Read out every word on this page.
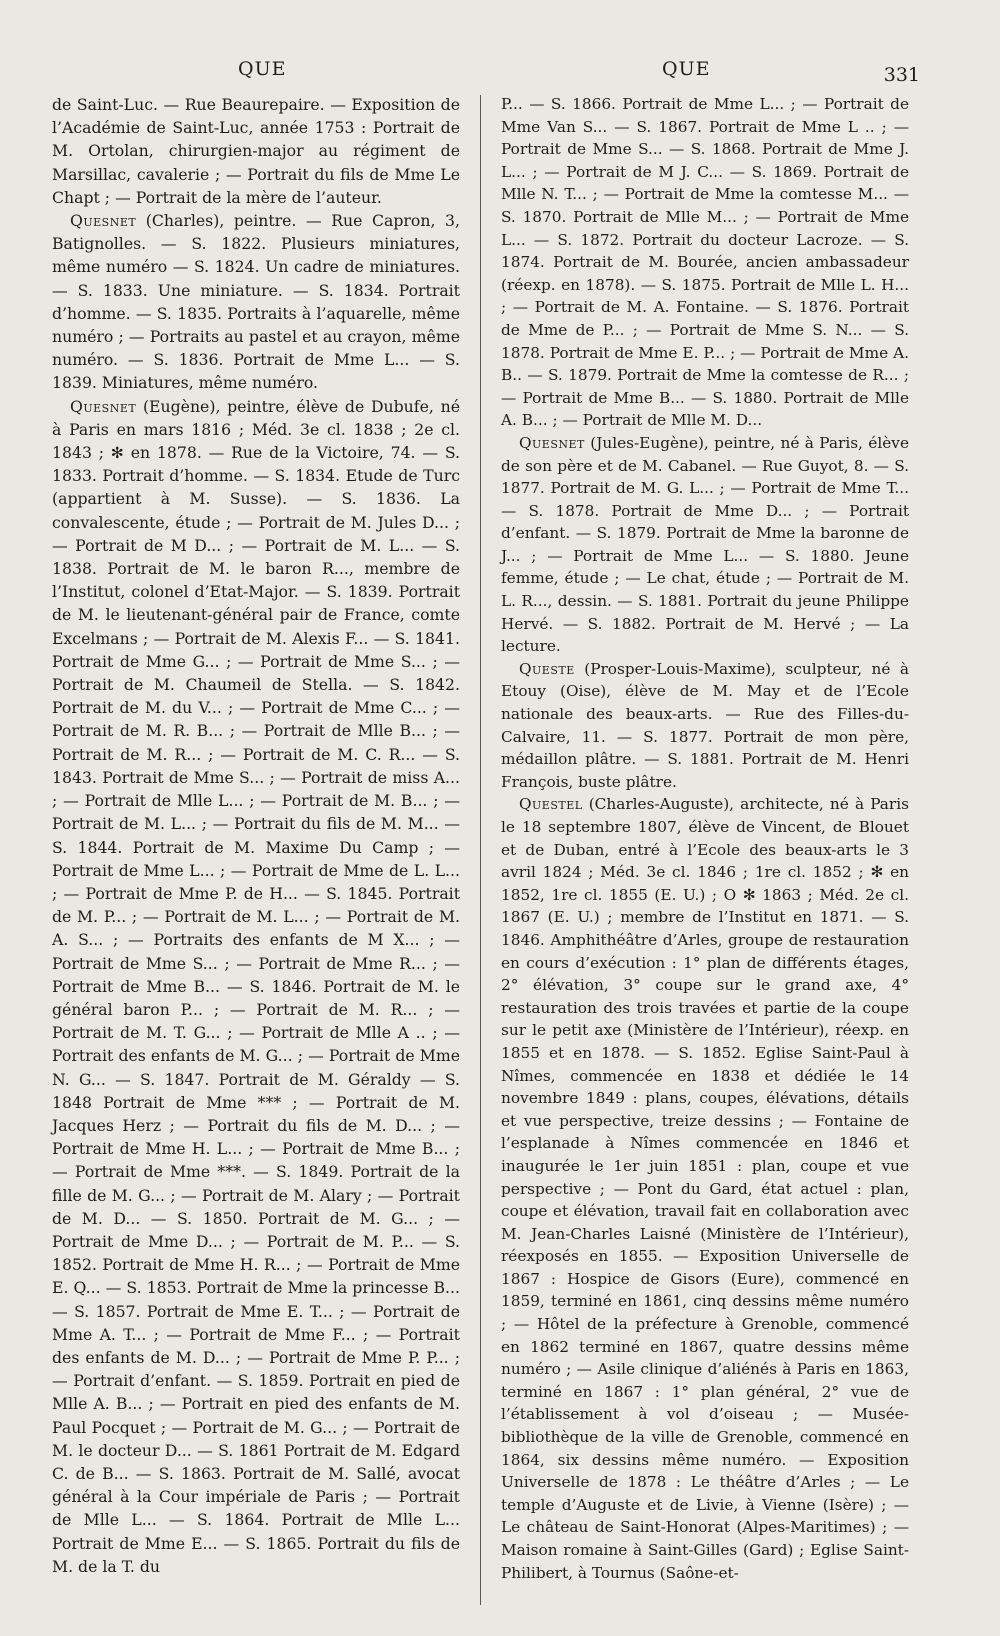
QUE	QUE	331

de Saint-Luc. — Rue Beaurepaire. — Exposition de l’Académie de Saint-Luc, année 1753 : Portrait de M. Ortolan, chirurgien-major au régiment de Marsillac, cavalerie ; — Portrait du fils de Mme Le Chapt ; — Portrait de la mère de l’auteur.

Quesnet (Charles), peintre. — Rue Capron, 3, Batignolles. — S. 1822. Plusieurs miniatures, même numéro — S. 1824. Un cadre de miniatures. — S. 1833. Une miniature. — S. 1834. Portrait d’homme. — S. 1835. Portraits à l’aquarelle, même numéro ; — Portraits au pastel et au crayon, même numéro. — S. 1836. Portrait de Mme L... — S. 1839. Miniatures, même numéro.

Quesnet (Eugène), peintre, élève de Dubufe, né à Paris en mars 1816 ; Méd. 3e cl. 1838 ; 2e cl. 1843 ; ✻ en 1878. — Rue de la Victoire, 74. — S. 1833. Portrait d’homme. — S. 1834. Etude de Turc (appartient à M. Susse). — S. 1836. La convalescente, étude ; — Portrait de M. Jules D... ; — Portrait de M D... ; — Portrait de M. L... — S. 1838. Portrait de M. le baron R..., membre de l’Institut, colonel d’Etat-Major. — S. 1839. Portrait de M. le lieutenant-général pair de France, comte Excelmans ; — Portrait de M. Alexis F... — S. 1841. Portrait de Mme G... ; — Portrait de Mme S... ; — Portrait de M. Chaumeil de Stella. — S. 1842. Portrait de M. du V... ; — Portrait de Mme C... ; — Portrait de M. R. B... ; — Portrait de Mlle B... ; — Portrait de M. R... ; — Portrait de M. C. R... — S. 1843. Portrait de Mme S... ; — Portrait de miss A... ; — Portrait de Mlle L... ; — Portrait de M. B... ; — Portrait de M. L... ; — Portrait du fils de M. M... — S. 1844. Portrait de M. Maxime Du Camp ; — Portrait de Mme L... ; — Portrait de Mme de L. L... ; — Portrait de Mme P. de H... — S. 1845. Portrait de M. P... ; — Portrait de M. L... ; — Portrait de M. A. S... ; — Portraits des enfants de M X... ; — Portrait de Mme S... ; — Portrait de Mme R... ; — Portrait de Mme B... — S. 1846. Portrait de M. le général baron P... ; — Portrait de M. R... ; — Portrait de M. T. G... ; — Portrait de Mlle A .. ; — Portrait des enfants de M. G... ; — Portrait de Mme N. G... — S. 1847. Portrait de M. Géraldy — S. 1848 Portrait de Mme *** ; — Portrait de M. Jacques Herz ; — Portrait du fils de M. D... ; — Portrait de Mme H. L... ; — Portrait de Mme B... ; — Portrait de Mme ***. — S. 1849. Portrait de la fille de M. G... ; — Portrait de M. Alary ; — Portrait de M. D... — S. 1850. Portrait de M. G... ; — Portrait de Mme D... ; — Portrait de M. P... — S. 1852. Portrait de Mme H. R... ; — Portrait de Mme E. Q... — S. 1853. Portrait de Mme la princesse B... — S. 1857. Portrait de Mme E. T... ; — Portrait de Mme A. T... ; — Portrait de Mme F... ; — Portrait des enfants de M. D... ; — Portrait de Mme P. P... ; — Portrait d’enfant. — S. 1859. Portrait en pied de Mlle A. B... ; — Portrait en pied des enfants de M. Paul Pocquet ; — Portrait de M. G... ; — Portrait de M. le docteur D... — S. 1861 Portrait de M. Edgard C. de B... — S. 1863. Portrait de M. Sallé, avocat général à la Cour impériale de Paris ; — Portrait de Mlle L... — S. 1864. Portrait de Mlle L... Portrait de Mme E... — S. 1865. Portrait du fils de M. de la T. du

P... — S. 1866. Portrait de Mme L... ; — Portrait de Mme Van S... — S. 1867. Portrait de Mme L .. ; — Portrait de Mme S... — S. 1868. Portrait de Mme J. L... ; — Portrait de M J. C... — S. 1869. Portrait de Mlle N. T... ; — Portrait de Mme la comtesse M... — S. 1870. Portrait de Mlle M... ; — Portrait de Mme L... — S. 1872. Portrait du docteur Lacroze. — S. 1874. Portrait de M. Bourée, ancien ambassadeur (réexp. en 1878). — S. 1875. Portrait de Mlle L. H... ; — Portrait de M. A. Fontaine. — S. 1876. Portrait de Mme de P... ; — Portrait de Mme S. N... — S. 1878. Portrait de Mme E. P... ; — Portrait de Mme A. B.. — S. 1879. Portrait de Mme la comtesse de R... ; — Portrait de Mme B... — S. 1880. Portrait de Mlle A. B... ; — Portrait de Mlle M. D...

Quesnet (Jules-Eugène), peintre, né à Paris, élève de son père et de M. Cabanel. — Rue Guyot, 8. — S. 1877. Portrait de M. G. L... ; — Portrait de Mme T... — S. 1878. Portrait de Mme D... ; — Portrait d’enfant. — S. 1879. Portrait de Mme la baronne de J... ; — Portrait de Mme L... — S. 1880. Jeune femme, étude ; — Le chat, étude ; — Portrait de M. L. R..., dessin. — S. 1881. Portrait du jeune Philippe Hervé. — S. 1882. Portrait de M. Hervé ; — La lecture.

Queste (Prosper-Louis-Maxime), sculpteur, né à Etouy (Oise), élève de M. May et de l’Ecole nationale des beaux-arts. — Rue des Filles-du-Calvaire, 11. — S. 1877. Portrait de mon père, médaillon plâtre. — S. 1881. Portrait de M. Henri François, buste plâtre.

Questel (Charles-Auguste), architecte, né à Paris le 18 septembre 1807, élève de Vincent, de Blouet et de Duban, entré à l’Ecole des beaux-arts le 3 avril 1824 ; Méd. 3e cl. 1846 ; 1re cl. 1852 ; ✻ en 1852, 1re cl. 1855 (E. U.) ; O ✻ 1863 ; Méd. 2e cl. 1867 (E. U.) ; membre de l’Institut en 1871. — S. 1846. Amphithéâtre d’Arles, groupe de restauration en cours d’exécution : 1° plan de différents étages, 2° élévation, 3° coupe sur le grand axe, 4° restauration des trois travées et partie de la coupe sur le petit axe (Ministère de l’Intérieur), réexp. en 1855 et en 1878. — S. 1852. Eglise Saint-Paul à Nîmes, commencée en 1838 et dédiée le 14 novembre 1849 : plans, coupes, élévations, détails et vue perspective, treize dessins ; — Fontaine de l’esplanade à Nîmes commencée en 1846 et inaugurée le 1er juin 1851 : plan, coupe et vue perspective ; — Pont du Gard, état actuel : plan, coupe et élévation, travail fait en collaboration avec M. Jean-Charles Laisné (Ministère de l’Intérieur), réexposés en 1855. — Exposition Universelle de 1867 : Hospice de Gisors (Eure), commencé en 1859, terminé en 1861, cinq dessins même numéro ; — Hôtel de la préfecture à Grenoble, commencé en 1862 terminé en 1867, quatre dessins même numéro ; — Asile clinique d’aliénés à Paris en 1863, terminé en 1867 : 1° plan général, 2° vue de l’établissement à vol d’oiseau ; — Musée-bibliothèque de la ville de Grenoble, commencé en 1864, six dessins même numéro. — Exposition Universelle de 1878 : Le théâtre d’Arles ; — Le temple d’Auguste et de Livie, à Vienne (Isère) ; — Le château de Saint-Honorat (Alpes-Maritimes) ; — Maison romaine à Saint-Gilles (Gard) ; Eglise Saint-Philibert, à Tournus (Saône-et-
